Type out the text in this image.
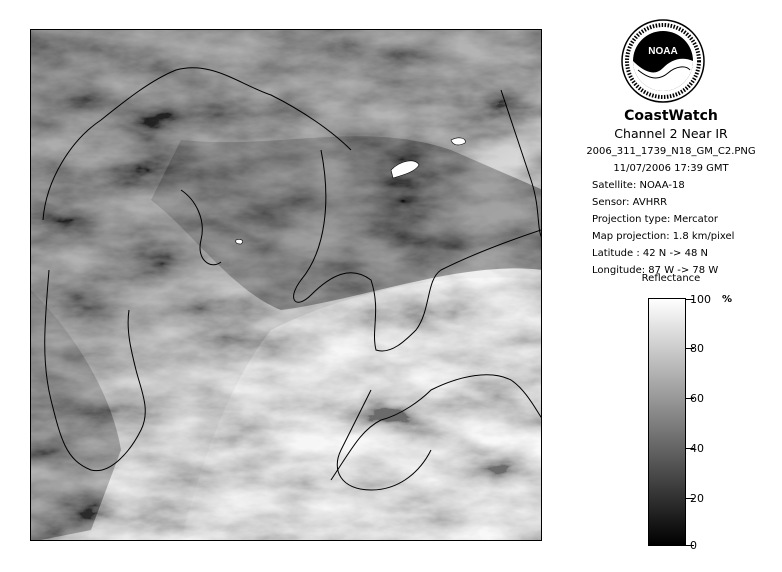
NOAA
CoastWatch
Channel 2 Near IR
2006_311_1739_N18_GM_C2.PNG
11/07/2006 17:39 GMT
Satellite: NOAA-18
Sensor: AVHRR
Projection type: Mercator
Map projection: 1.8 km/pixel
Latitude : 42 N -> 48 N
Longitude: 87 W -> 78 W
Reflectance
%
100
80
60
40
20
0
